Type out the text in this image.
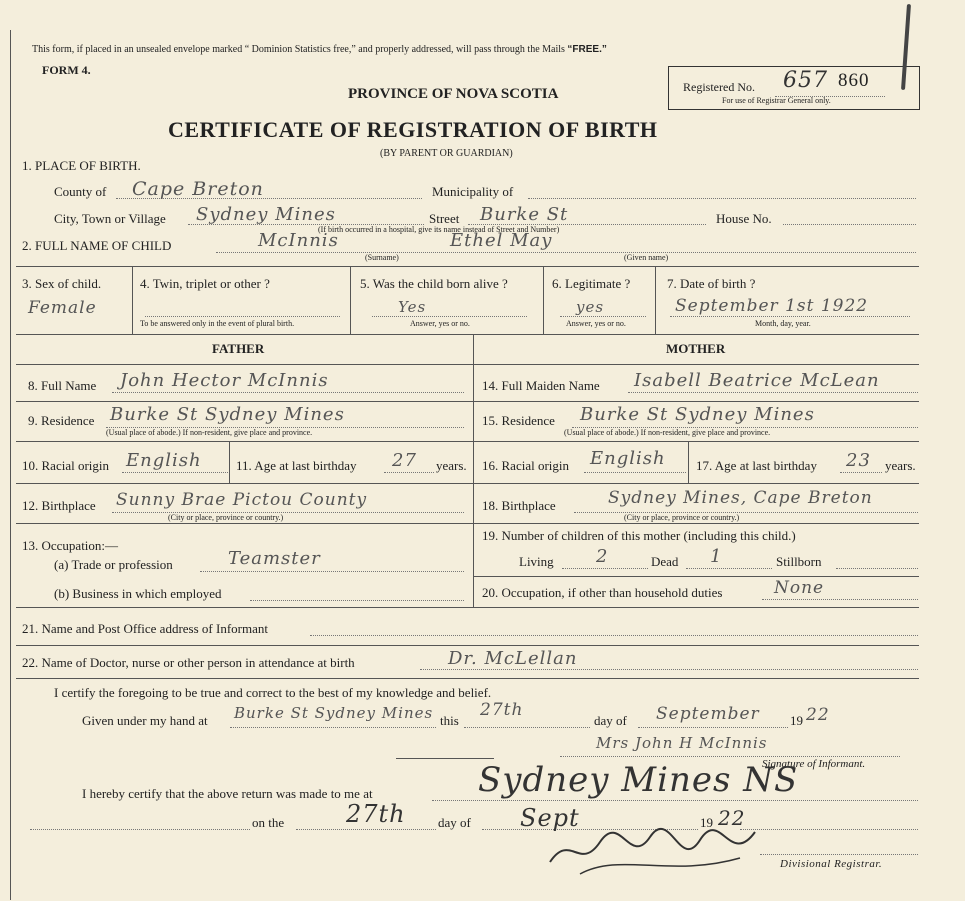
This form, if placed in an unsealed envelope marked “ Dominion Statistics free,” and properly addressed, will pass through the Mails “FREE.”
FORM 4.
PROVINCE OF NOVA SCOTIA
CERTIFICATE OF REGISTRATION OF BIRTH
(BY PARENT OR GUARDIAN)
Registered No. 657 860
For use of Registrar General only.
1. PLACE OF BIRTH.
County of Cape Breton	Municipality of
City, Town or Village Sydney Mines	Street Burke St	House No.
(If birth occurred in a hospital, give its name instead of Street and Number)
2. FULL NAME OF CHILD	McInnis	Ethel May
(Surname)	(Given name)
3. Sex of child.
Female
4. Twin, triplet or other ?
To be answered only in the event of plural birth.
5. Was the child born alive ?
Yes
Answer, yes or no.
6. Legitimate ?
yes
Answer, yes or no.
7. Date of birth ?
September 1st 1922
Month, day, year.
FATHER	MOTHER
8. Full Name John Hector McInnis	14. Full Maiden Name Isabell Beatrice McLean
9. Residence Burke St Sydney Mines
(Usual place of abode.) If non-resident, give place and province.
15. Residence Burke St Sydney Mines
(Usual place of abode.) If non-resident, give place and province.
10. Racial origin English	11. Age at last birthday 27 years. 16. Racial origin English 17. Age at last birthday 23 years.
12. Birthplace Sunny Brae Pictou County
(City or place, province or country.)
18. Birthplace	Sydney Mines, Cape Breton
(City or place, province or country.)
13. Occupation:—
(a) Trade or profession	Teamster
(b) Business in which employed
19. Number of children of this mother (including this child.)
Living 2	Dead 1	Stillborn
20. Occupation, if other than household duties	None
21. Name and Post Office address of Informant
22. Name of Doctor, nurse or other person in attendance at birth	Dr. McLellan
I certify the foregoing to be true and correct to the best of my knowledge and belief.
Given under my hand at Burke St Sydney Mines this
27th
day of September 19 22
Mrs John H McInnis
Signature of Informant.
I hereby certify that the above return was made to me at	Sydney Mines NS
on the	27th day of Sept	19 22
Divisional Registrar.
